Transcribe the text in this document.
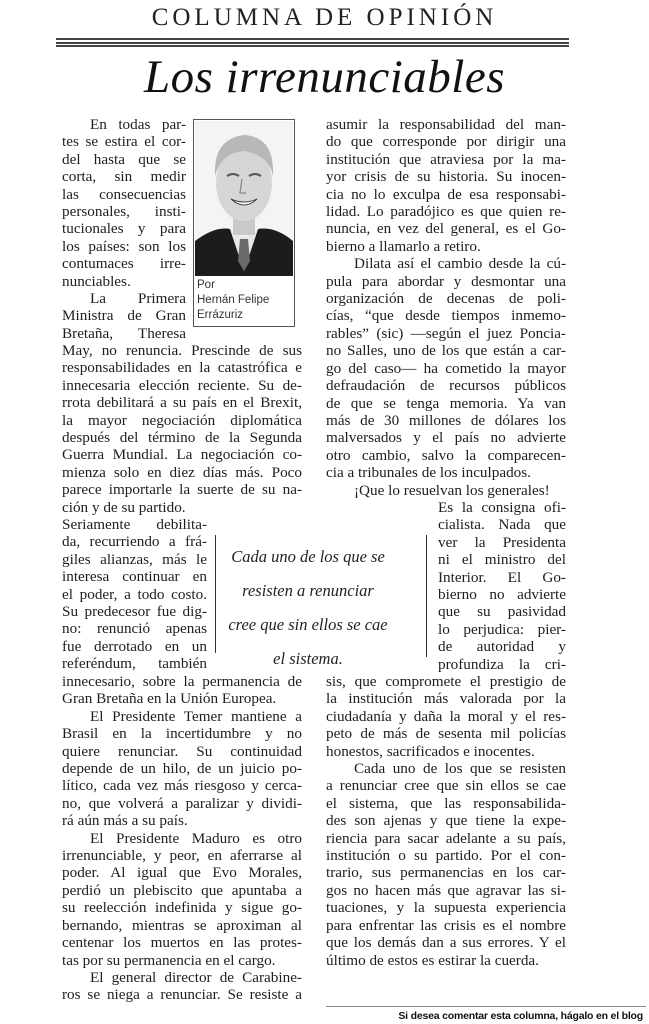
COLUMNA DE OPINIÓN
Los irrenunciables
Por
Hernán Felipe
Errázuriz
En todas par-
tes se estira el cor-
del hasta que se
corta, sin medir
las consecuencias
personales, insti-
tucionales y para
los países: son los
contumaces irre-
nunciables.
La Primera
Ministra de Gran
Bretaña, Theresa
May, no renuncia. Prescinde de sus
responsabilidades en la catastrófica e
innecesaria elección reciente. Su de-
rrota debilitará a su país en el Brexit,
la mayor negociación diplomática
después del término de la Segunda
Guerra Mundial. La negociación co-
mienza solo en diez días más. Poco
parece importarle la suerte de su na-
ción y de su partido.
Seriamente debilita-
da, recurriendo a frá-
giles alianzas, más le
interesa continuar en
el poder, a todo costo.
Su predecesor fue dig-
no: renunció apenas
fue derrotado en un
referéndum, también
innecesario, sobre la permanencia de
Gran Bretaña en la Unión Europea.
El Presidente Temer mantiene a
Brasil en la incertidumbre y no
quiere renunciar. Su continuidad
depende de un hilo, de un juicio po-
lítico, cada vez más riesgoso y cerca-
no, que volverá a paralizar y dividi-
rá aún más a su país.
El Presidente Maduro es otro
irrenunciable, y peor, en aferrarse al
poder. Al igual que Evo Morales,
perdió un plebiscito que apuntaba a
su reelección indefinida y sigue go-
bernando, mientras se aproximan al
centenar los muertos en las protes-
tas por su permanencia en el cargo.
El general director de Carabine-
ros se niega a renunciar. Se resiste a
asumir la responsabilidad del man-
do que corresponde por dirigir una
institución que atraviesa por la ma-
yor crisis de su historia. Su inocen-
cia no lo exculpa de esa responsabi-
lidad. Lo paradójico es que quien re-
nuncia, en vez del general, es el Go-
bierno a llamarlo a retiro.
Dilata así el cambio desde la cú-
pula para abordar y desmontar una
organización de decenas de poli-
cías, “que desde tiempos inmemo-
rables” (sic) —según el juez Poncia-
no Salles, uno de los que están a car-
go del caso— ha cometido la mayor
defraudación de recursos públicos
de que se tenga memoria. Ya van
más de 30 millones de dólares los
malversados y el país no advierte
otro cambio, salvo la comparecen-
cia a tribunales de los inculpados.
¡Que lo resuelvan los generales!
Es la consigna ofi-
cialista. Nada que
ver la Presidenta
ni el ministro del
Interior. El Go-
bierno no advierte
que su pasividad
lo perjudica: pier-
de autoridad y
profundiza la cri-
sis, que compromete el prestigio de
la institución más valorada por la
ciudadanía y daña la moral y el res-
peto de más de sesenta mil policías
honestos, sacrificados e inocentes.
Cada uno de los que se resisten
a renunciar cree que sin ellos se cae
el sistema, que las responsabilida-
des son ajenas y que tiene la expe-
riencia para sacar adelante a su país,
institución o su partido. Por el con-
trario, sus permanencias en los car-
gos no hacen más que agravar las si-
tuaciones, y la supuesta experiencia
para enfrentar las crisis es el nombre
que los demás dan a sus errores. Y el
último de estos es estirar la cuerda.
Cada uno de los que se
resisten a renunciar
cree que sin ellos se cae
el sistema.
Si desea comentar esta columna, hágalo en el blog
